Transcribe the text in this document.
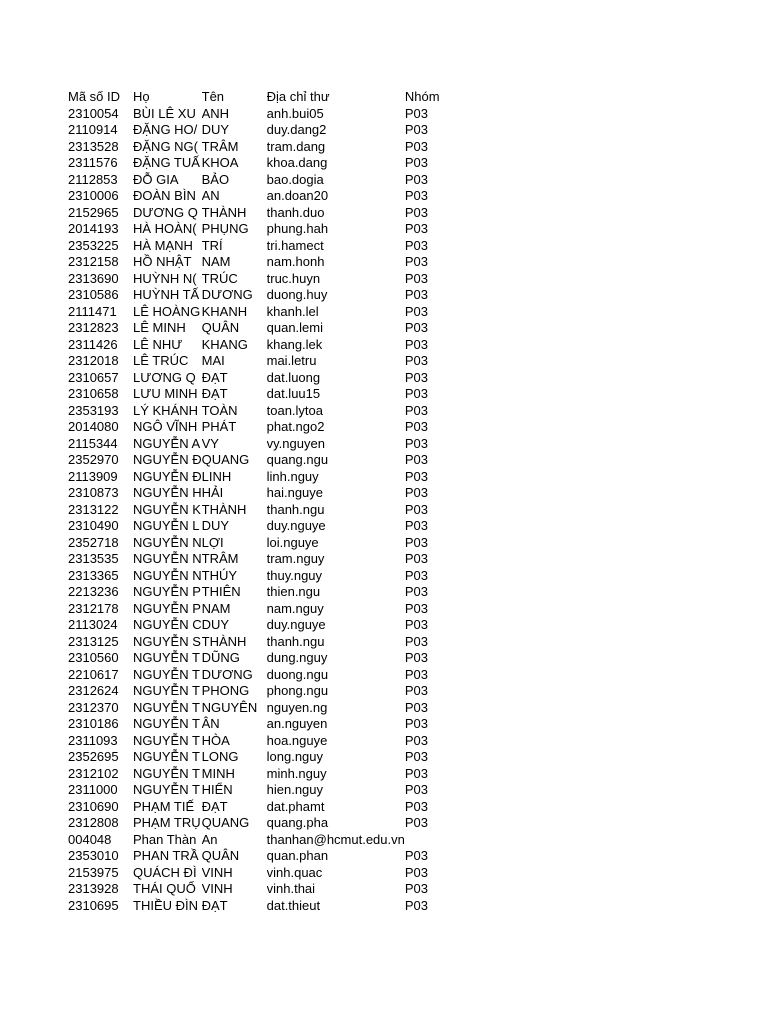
Mã số ID	Họ	Tên	Địa chỉ thư	Nhóm
2310054	BÙI LÊ XU	ANH	anh.bui05	P03
2110914	ĐẶNG HO/	DUY	duy.dang2	P03
2313528	ĐẶNG NG(	TRÂM	tram.dang	P03
2311576	ĐẶNG TUẤ	KHOA	khoa.dang	P03
2112853	ĐỖ GIA	BẢO	bao.dogia	P03
2310006	ĐOÀN BÌN	AN	an.doan20	P03
2152965	DƯƠNG Q	THÀNH	thanh.duo	P03
2014193	HÀ HOÀN(	PHỤNG	phung.hah	P03
2353225	HÀ MẠNH	TRÍ	tri.hamect	P03
2312158	HỒ NHẬT	NAM	nam.honh	P03
2313690	HUỲNH N(	TRÚC	truc.huyn	P03
2310586	HUỲNH TẤ	DƯƠNG	duong.huy	P03
2111471	LÊ HOÀNG	KHANH	khanh.lel	P03
2312823	LÊ MINH	QUÂN	quan.lemi	P03
2311426	LÊ NHƯ	KHANG	khang.lek	P03
2312018	LÊ TRÚC	MAI	mai.letru	P03
2310657	LƯƠNG Q	ĐẠT	dat.luong	P03
2310658	LƯU MINH	ĐẠT	dat.luu15	P03
2353193	LÝ KHÁNH	TOÀN	toan.lytoa	P03
2014080	NGÔ VĨNH	PHÁT	phat.ngo2	P03
2115344	NGUYỄN A	VY	vy.nguyen	P03
2352970	NGUYỄN Đ	QUANG	quang.ngu	P03
2113909	NGUYỄN Đ	LINH	linh.nguy	P03
2310873	NGUYỄN H	HẢI	hai.nguye	P03
2313122	NGUYỄN K	THÀNH	thanh.ngu	P03
2310490	NGUYỄN L	DUY	duy.nguye	P03
2352718	NGUYỄN N	LỢI	loi.nguye	P03
2313535	NGUYỄN N	TRÂM	tram.nguy	P03
2313365	NGUYỄN N	THÚY	thuy.nguy	P03
2213236	NGUYỄN P	THIÊN	thien.ngu	P03
2312178	NGUYỄN P	NAM	nam.nguy	P03
2113024	NGUYỄN C	DUY	duy.nguye	P03
2313125	NGUYỄN S	THÀNH	thanh.ngu	P03
2310560	NGUYỄN T	DŨNG	dung.nguy	P03
2210617	NGUYỄN T	DƯƠNG	duong.ngu	P03
2312624	NGUYỄN T	PHONG	phong.ngu	P03
2312370	NGUYỄN T	NGUYÊN	nguyen.ng	P03
2310186	NGUYỄN T	ÂN	an.nguyen	P03
2311093	NGUYỄN T	HÒA	hoa.nguye	P03
2352695	NGUYỄN T	LONG	long.nguy	P03
2312102	NGUYỄN T	MINH	minh.nguy	P03
2311000	NGUYỄN T	HIỂN	hien.nguy	P03
2310690	PHẠM TIẾ	ĐẠT	dat.phamt	P03
2312808	PHẠM TRỤ	QUANG	quang.pha	P03
004048	Phan Thàn	An	thanhan@hcmut.edu.vn	
2353010	PHAN TRẦ	QUÂN	quan.phan	P03
2153975	QUÁCH ĐÌ	VINH	vinh.quac	P03
2313928	THÁI QUỐ	VINH	vinh.thai	P03
2310695	THIỀU ĐÌN	ĐẠT	dat.thieut	P03
